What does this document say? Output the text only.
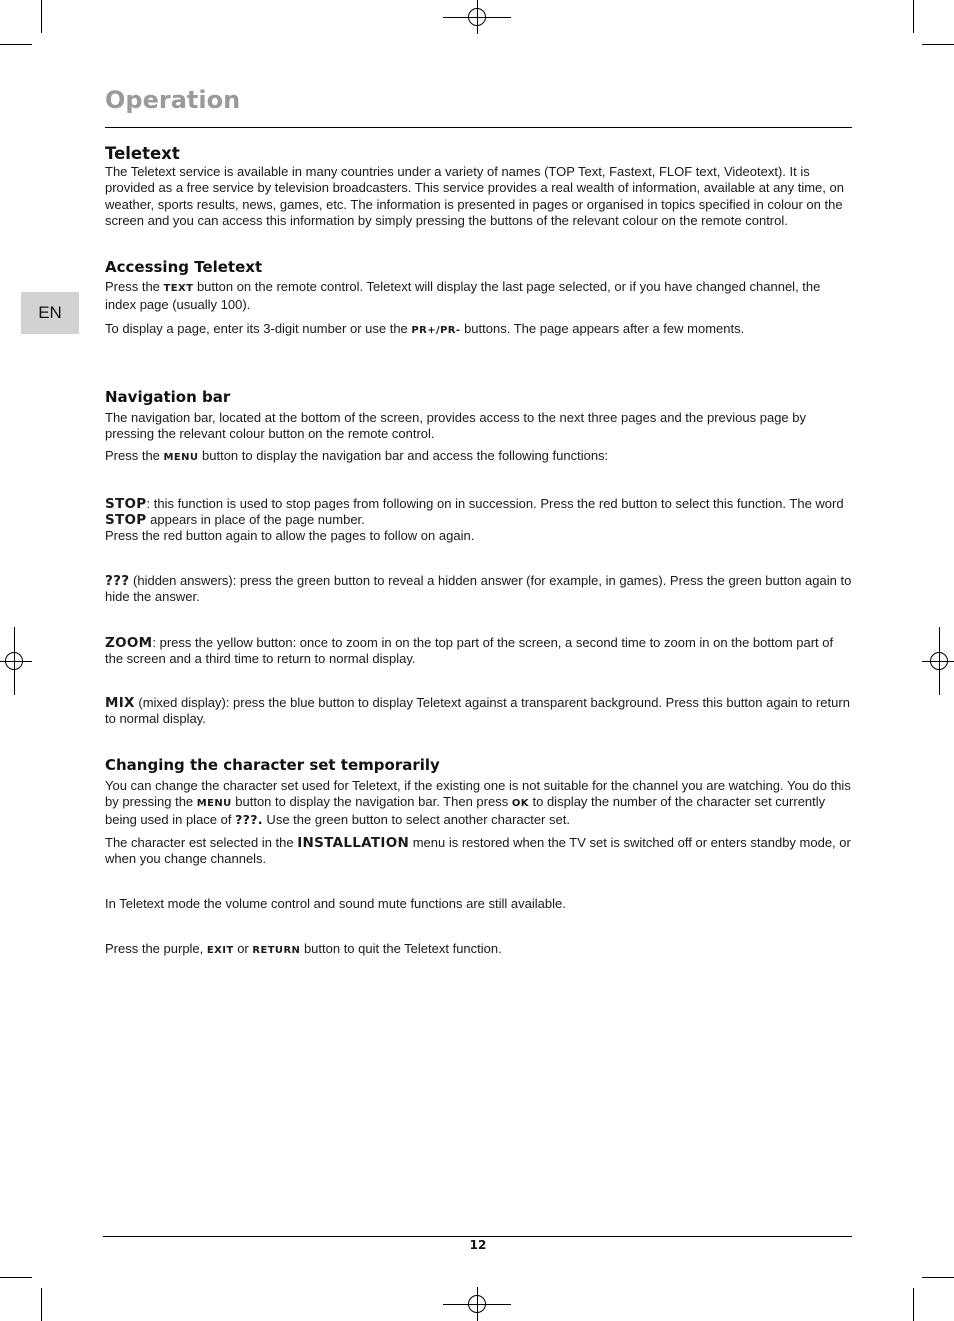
Operation
EN
Teletext

The Teletext service is available in many countries under a variety of names (TOP Text, Fastext, FLOF text, Videotext). It is provided as a free service by television broadcasters. This service provides a real wealth of information, available at any time, on weather, sports results, news, games, etc. The information is presented in pages or organised in topics specified in colour on the screen and you can access this information by simply pressing the buttons of the relevant colour on the remote control.

Accessing Teletext

Press the TEXT button on the remote control. Teletext will display the last page selected, or if you have changed channel, the index page (usually 100).

To display a page, enter its 3-digit number or use the PR+/PR- buttons. The page appears after a few moments.

Navigation bar

The navigation bar, located at the bottom of the screen, provides access to the next three pages and the previous page by pressing the relevant colour button on the remote control.

Press the MENU button to display the navigation bar and access the following functions:

STOP: this function is used to stop pages from following on in succession. Press the red button to select this function. The word STOP appears in place of the page number.
Press the red button again to allow the pages to follow on again.

??? (hidden answers): press the green button to reveal a hidden answer (for example, in games). Press the green button again to hide the answer.

ZOOM: press the yellow button: once to zoom in on the top part of the screen, a second time to zoom in on the bottom part of the screen and a third time to return to normal display.

MIX (mixed display): press the blue button to display Teletext against a transparent background. Press this button again to return to normal display.

Changing the character set temporarily

You can change the character set used for Teletext, if the existing one is not suitable for the channel you are watching. You do this by pressing the MENU button to display the navigation bar. Then press OK to display the number of the character set currently being used in place of ???. Use the green button to select another character set.

The character est selected in the INSTALLATION menu is restored when the TV set is switched off or enters standby mode, or when you change channels.

In Teletext mode the volume control and sound mute functions are still available.

Press the purple, EXIT or RETURN button to quit the Teletext function.

12
